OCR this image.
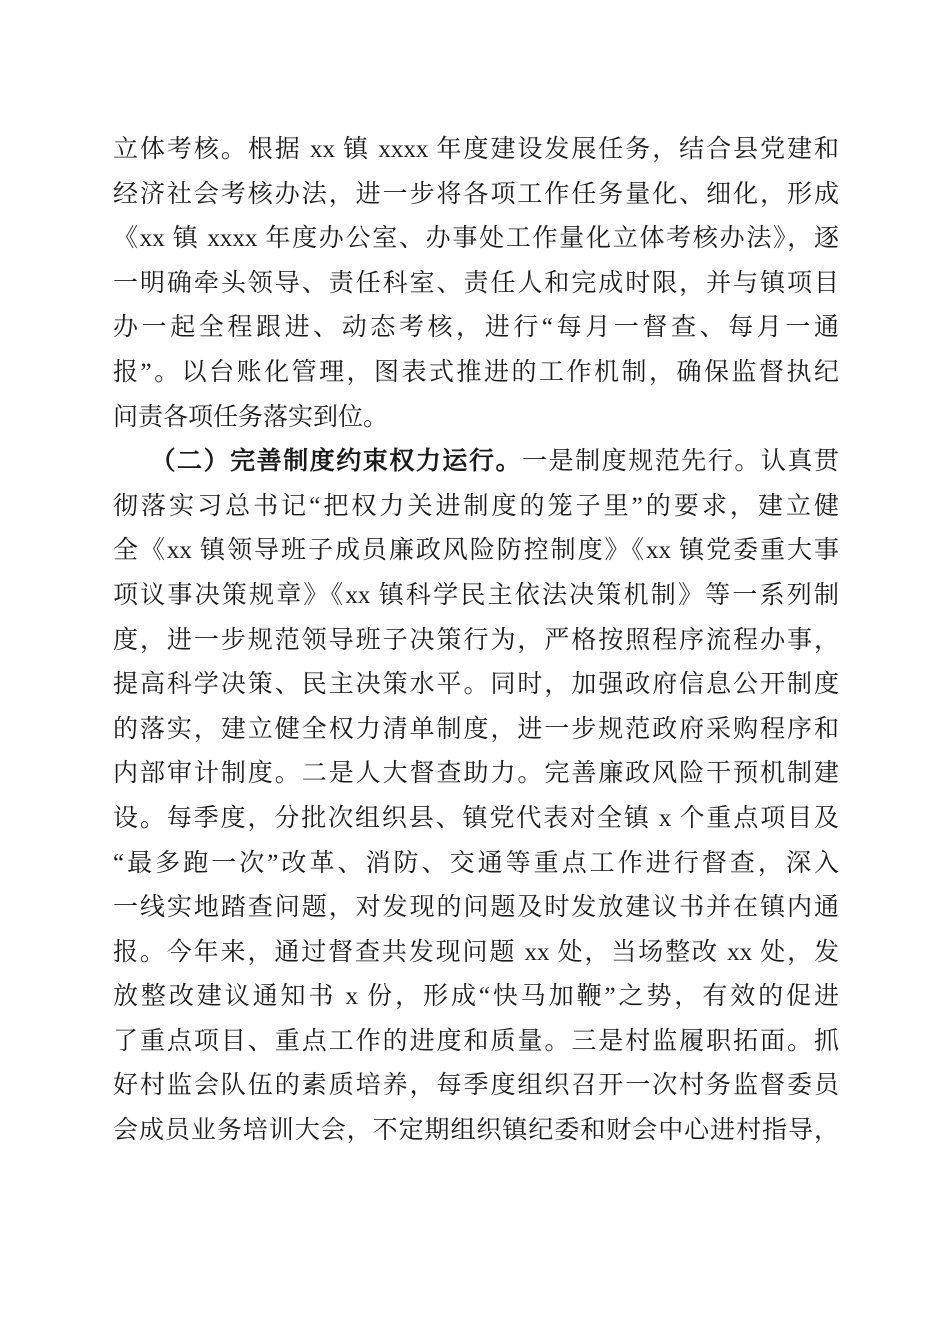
立体考核。根据 xx 镇 xxxx 年度建设发展任务，结合县党建和
经济社会考核办法，进一步将各项工作任务量化、细化，形成
《xx 镇 xxxx 年度办公室、办事处工作量化立体考核办法》，逐
一明确牵头领导、责任科室、责任人和完成时限，并与镇项目
办一起全程跟进、动态考核，进行“每月一督查、每月一通
报”。以台账化管理，图表式推进的工作机制，确保监督执纪
问责各项任务落实到位。
（二）完善制度约束权力运行。一是制度规范先行。认真贯
彻落实习总书记“把权力关进制度的笼子里”的要求，建立健
全《xx 镇领导班子成员廉政风险防控制度》《xx 镇党委重大事
项议事决策规章》《xx 镇科学民主依法决策机制》等一系列制
度，进一步规范领导班子决策行为，严格按照程序流程办事，
提高科学决策、民主决策水平。同时，加强政府信息公开制度
的落实，建立健全权力清单制度，进一步规范政府采购程序和
内部审计制度。二是人大督查助力。完善廉政风险干预机制建
设。每季度，分批次组织县、镇党代表对全镇 x 个重点项目及
“最多跑一次”改革、消防、交通等重点工作进行督查，深入
一线实地踏查问题，对发现的问题及时发放建议书并在镇内通
报。今年来，通过督查共发现问题 xx 处，当场整改 xx 处，发
放整改建议通知书 x 份，形成“快马加鞭”之势，有效的促进
了重点项目、重点工作的进度和质量。三是村监履职拓面。抓
好村监会队伍的素质培养，每季度组织召开一次村务监督委员
会成员业务培训大会，不定期组织镇纪委和财会中心进村指导，
